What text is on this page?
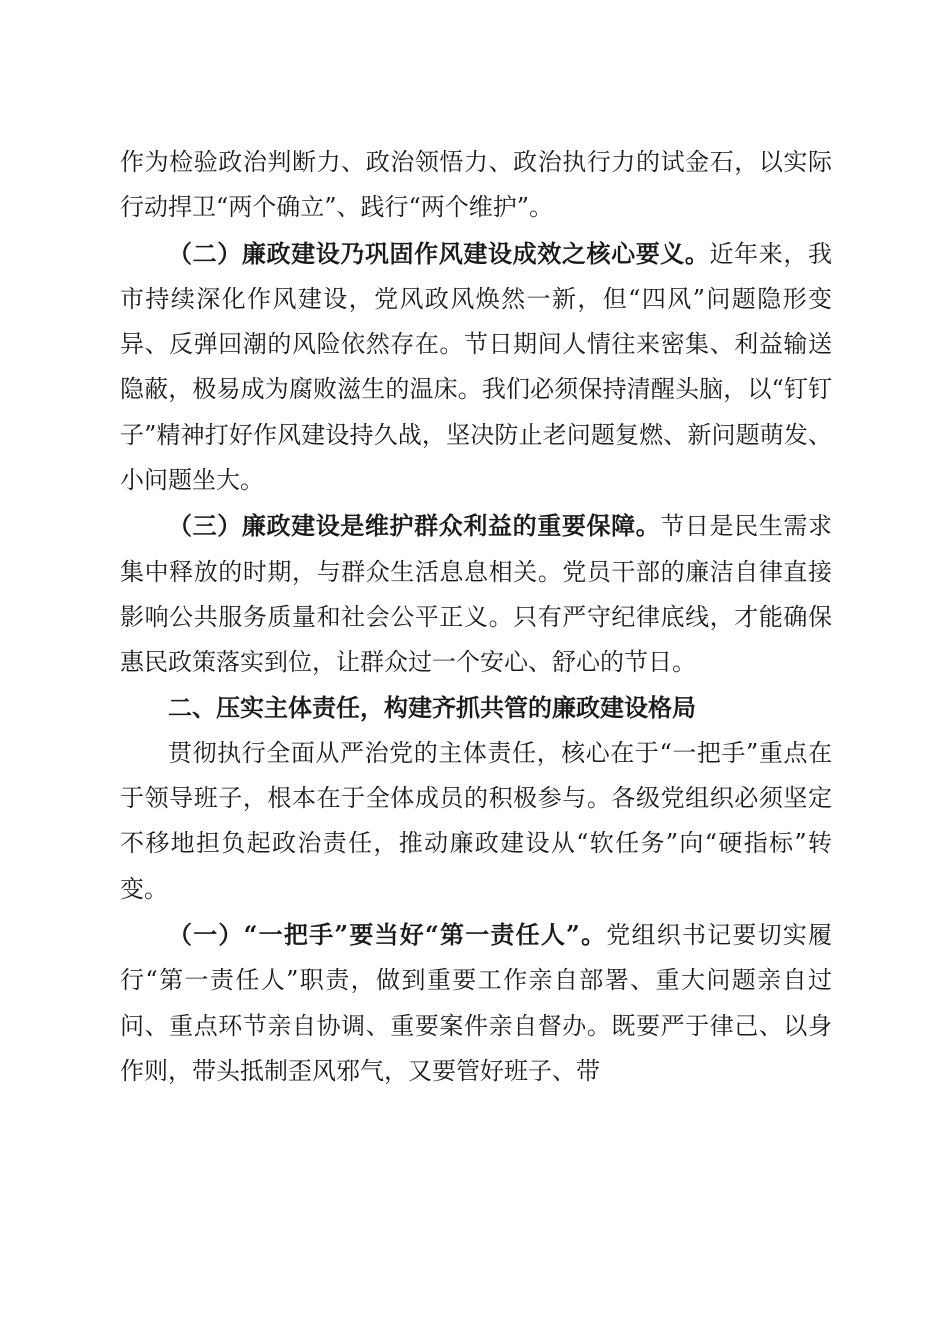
作为检验政治判断力、政治领悟力、政治执行力的试金石，以实际行动捍卫“两个确立”、践行“两个维护”。

（二）廉政建设乃巩固作风建设成效之核心要义。近年来，我市持续深化作风建设，党风政风焕然一新，但“四风”问题隐形变异、反弹回潮的风险依然存在。节日期间人情往来密集、利益输送隐蔽，极易成为腐败滋生的温床。我们必须保持清醒头脑，以“钉钉子”精神打好作风建设持久战，坚决防止老问题复燃、新问题萌发、小问题坐大。

（三）廉政建设是维护群众利益的重要保障。节日是民生需求集中释放的时期，与群众生活息息相关。党员干部的廉洁自律直接影响公共服务质量和社会公平正义。只有严守纪律底线，才能确保惠民政策落实到位，让群众过一个安心、舒心的节日。

二、压实主体责任，构建齐抓共管的廉政建设格局

贯彻执行全面从严治党的主体责任，核心在于“一把手”重点在于领导班子，根本在于全体成员的积极参与。各级党组织必须坚定不移地担负起政治责任，推动廉政建设从“软任务”向“硬指标”转变。

（一）“一把手”要当好“第一责任人”。党组织书记要切实履行“第一责任人”职责，做到重要工作亲自部署、重大问题亲自过问、重点环节亲自协调、重要案件亲自督办。既要严于律己、以身作则，带头抵制歪风邪气，又要管好班子、带
